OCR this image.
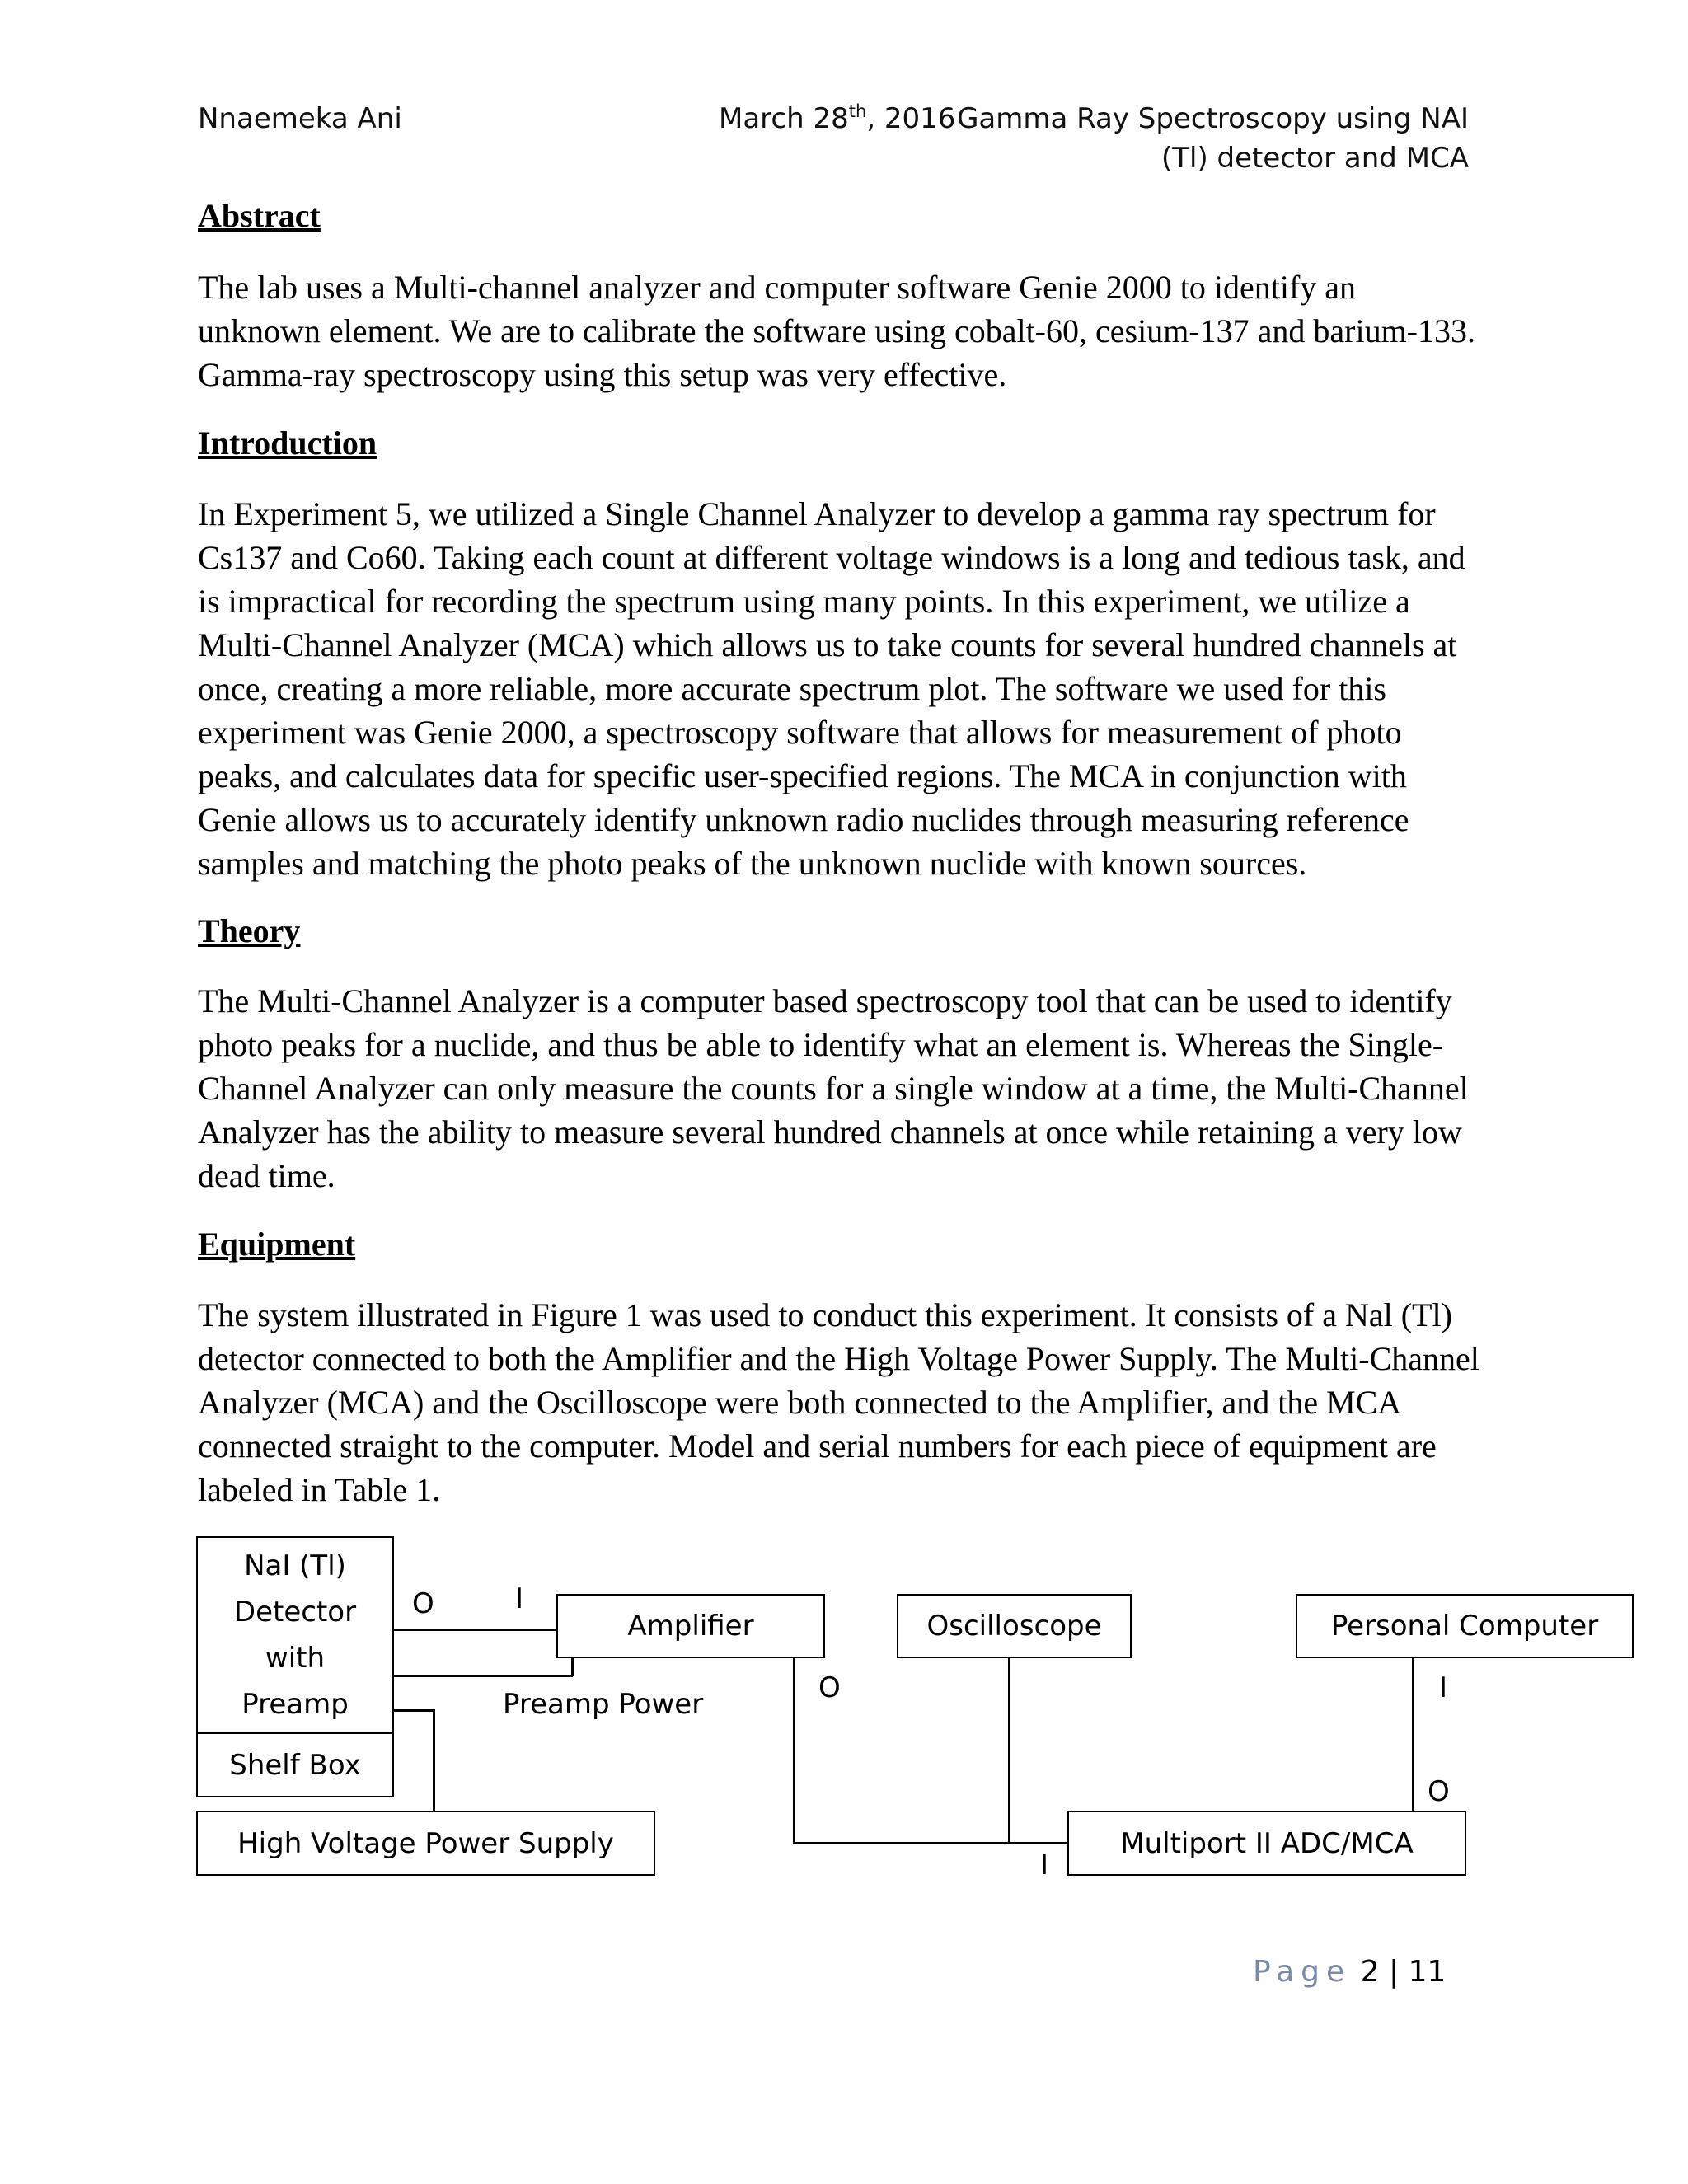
Nnaemeka Ani	March 28th, 2016 Gamma Ray Spectroscopy using NAI
(Tl) detector and MCA
Abstract
The lab uses a Multi-channel analyzer and computer software Genie 2000 to identify an unknown element. We are to calibrate the software using cobalt-60, cesium-137 and barium-133. Gamma-ray spectroscopy using this setup was very effective.
Introduction
In Experiment 5, we utilized a Single Channel Analyzer to develop a gamma ray spectrum for Cs137 and Co60. Taking each count at different voltage windows is a long and tedious task, and is impractical for recording the spectrum using many points. In this experiment, we utilize a Multi-Channel Analyzer (MCA) which allows us to take counts for several hundred channels at once, creating a more reliable, more accurate spectrum plot. The software we used for this experiment was Genie 2000, a spectroscopy software that allows for measurement of photo peaks, and calculates data for specific user-specified regions. The MCA in conjunction with Genie allows us to accurately identify unknown radio nuclides through measuring reference samples and matching the photo peaks of the unknown nuclide with known sources.
Theory
The Multi-Channel Analyzer is a computer based spectroscopy tool that can be used to identify photo peaks for a nuclide, and thus be able to identify what an element is. Whereas the Single-Channel Analyzer can only measure the counts for a single window at a time, the Multi-Channel Analyzer has the ability to measure several hundred channels at once while retaining a very low dead time.
Equipment
The system illustrated in Figure 1 was used to conduct this experiment. It consists of a Nal (Tl) detector connected to both the Amplifier and the High Voltage Power Supply. The Multi-Channel Analyzer (MCA) and the Oscilloscope were both connected to the Amplifier, and the MCA connected straight to the computer. Model and serial numbers for each piece of equipment are labeled in Table 1.
NaI (Tl)
Detector
with
Preamp
Shelf Box
High Voltage Power Supply
Amplifier	Oscilloscope	Personal Computer
Multiport II ADC/MCA
O	I
Preamp Power	O	I
O
I
Page 2 | 11
